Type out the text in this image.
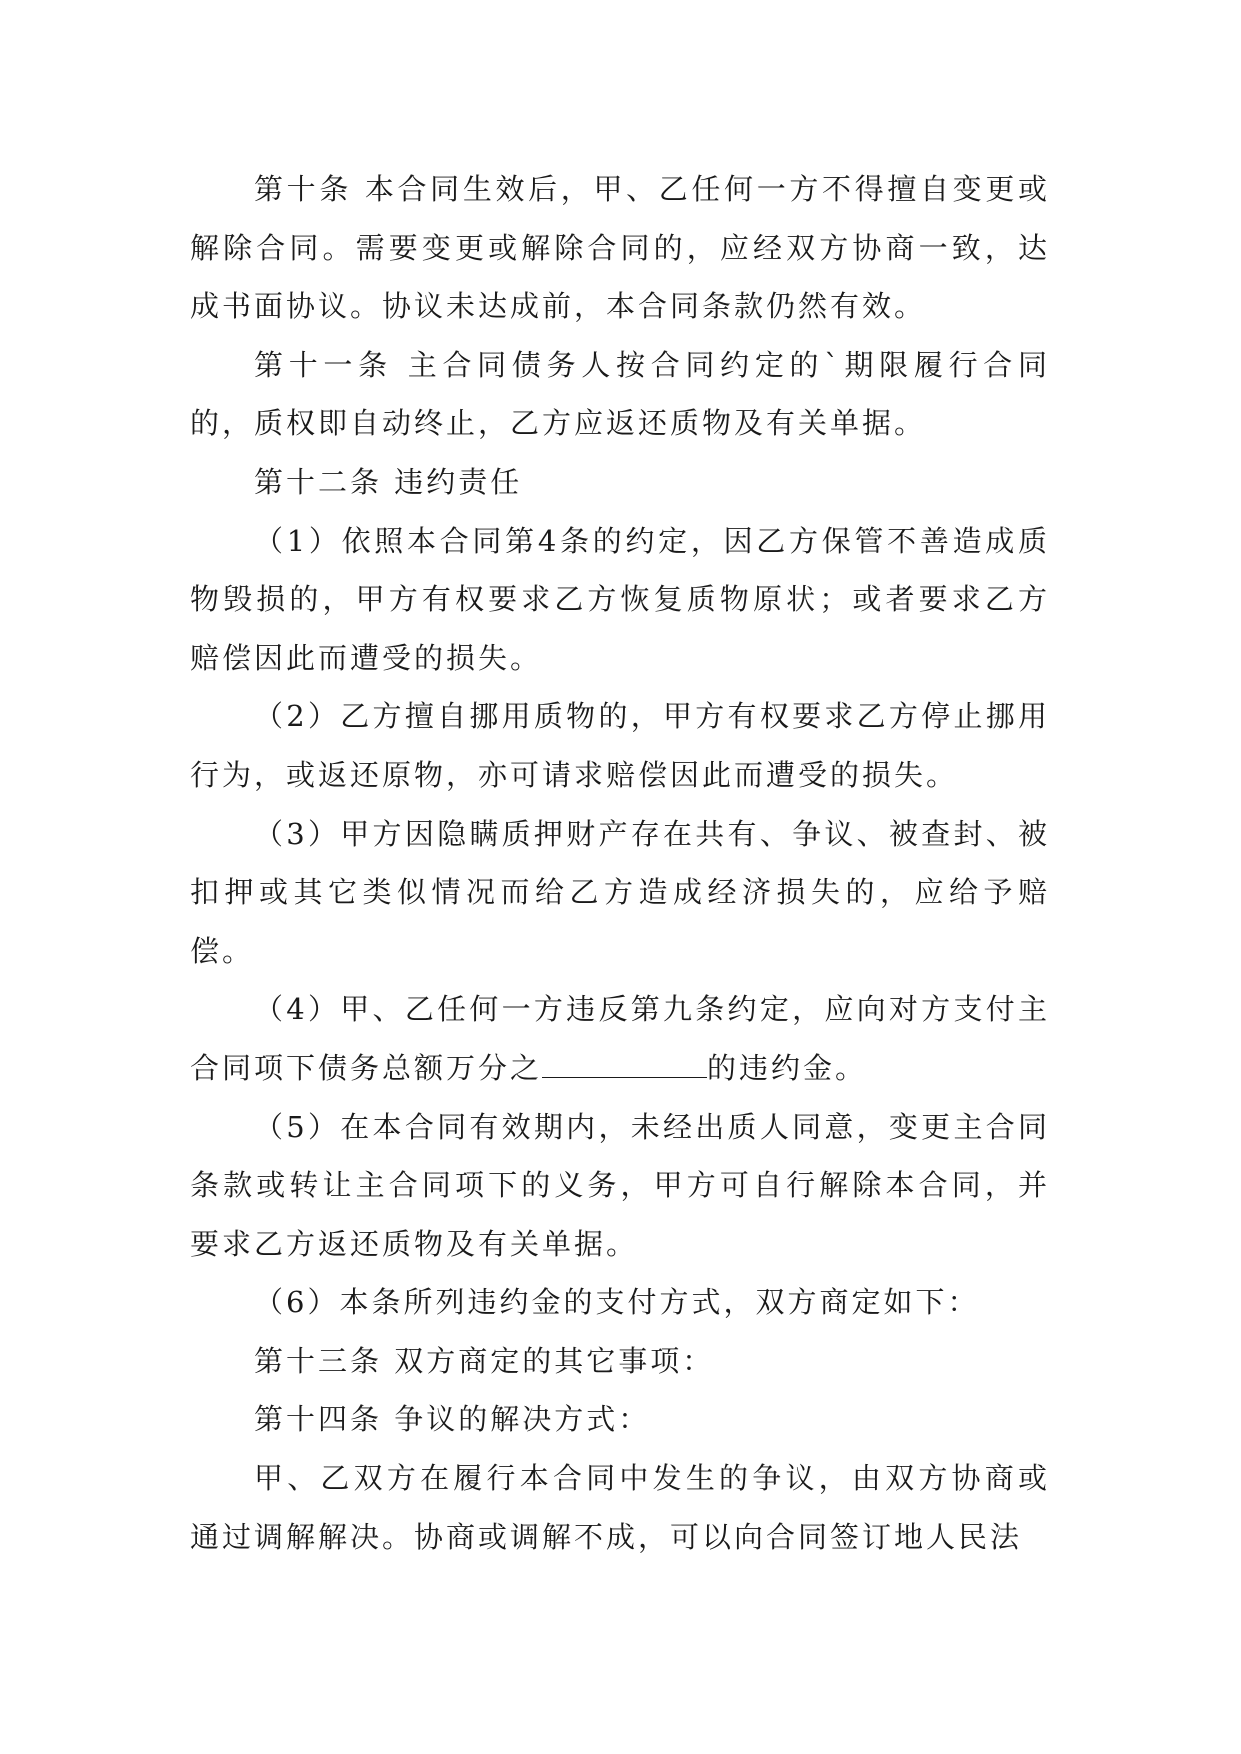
第十条 本合同生效后，甲、乙任何一方不得擅自变更或解除合同。需要变更或解除合同的，应经双方协商一致，达成书面协议。协议未达成前，本合同条款仍然有效。

第十一条 主合同债务人按合同约定的`期限履行合同的，质权即自动终止，乙方应返还质物及有关单据。

第十二条 违约责任

（1）依照本合同第4条的约定，因乙方保管不善造成质物毁损的，甲方有权要求乙方恢复质物原状；或者要求乙方赔偿因此而遭受的损失。

（2）乙方擅自挪用质物的，甲方有权要求乙方停止挪用行为，或返还原物，亦可请求赔偿因此而遭受的损失。

（3）甲方因隐瞒质押财产存在共有、争议、被查封、被扣押或其它类似情况而给乙方造成经济损失的，应给予赔偿。

（4）甲、乙任何一方违反第九条约定，应向对方支付主合同项下债务总额万分之	的违约金。

（5）在本合同有效期内，未经出质人同意，变更主合同条款或转让主合同项下的义务，甲方可自行解除本合同，并要求乙方返还质物及有关单据。

（6）本条所列违约金的支付方式，双方商定如下：

第十三条 双方商定的其它事项：

第十四条 争议的解决方式：

甲、乙双方在履行本合同中发生的争议，由双方协商或通过调解解决。协商或调解不成，可以向合同签订地人民法
